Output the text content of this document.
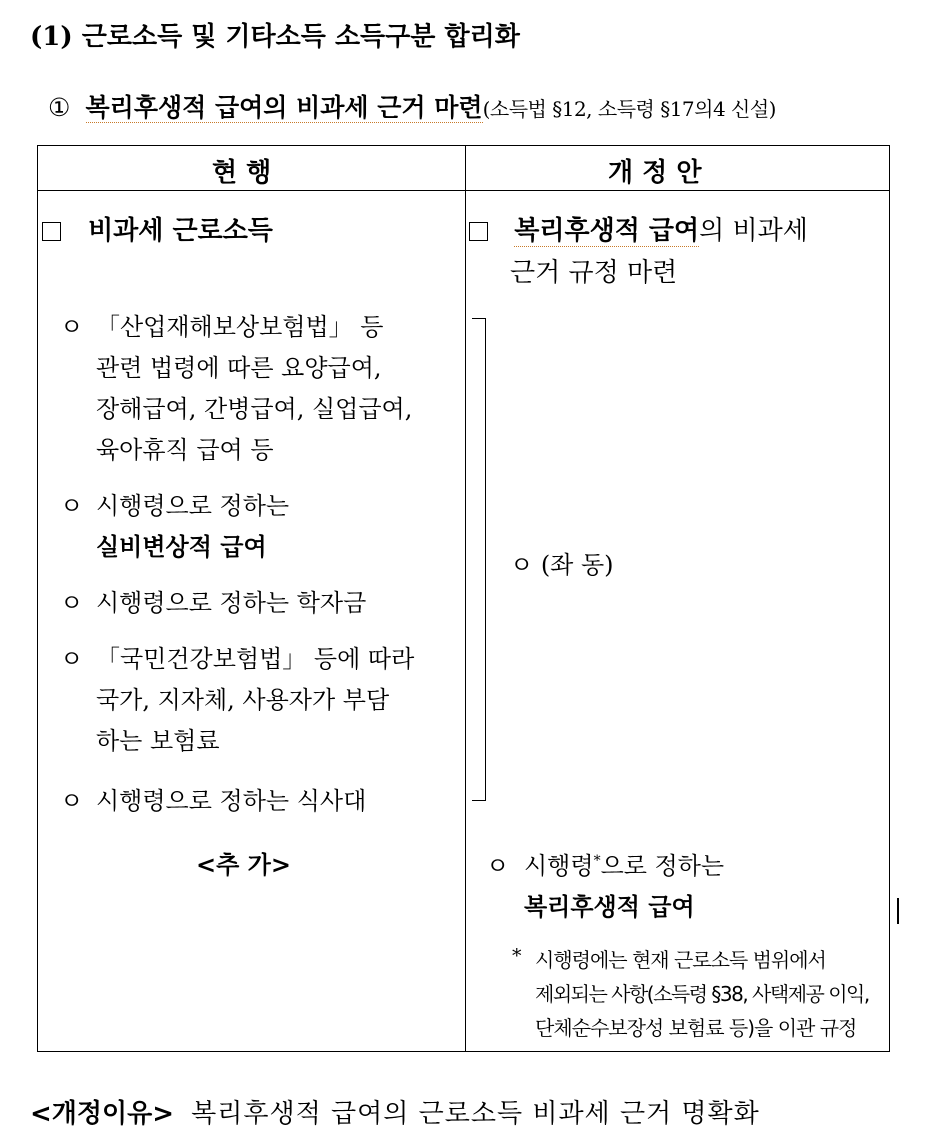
(1) 근로소득 및 기타소득 소득구분 합리화
① 복리후생적 급여의 비과세 근거 마련(소득법 §12, 소득령 §17의4 신설)
현 행	개 정 안
비과세 근로소득
ㅇ 「산업재해보상보험법」 등
관련 법령에 따른 요양급여,
장해급여, 간병급여, 실업급여,
육아휴직 급여 등
ㅇ 시행령으로 정하는
실비변상적 급여
ㅇ 시행령으로 정하는 학자금
ㅇ 「국민건강보험법」 등에 따라
국가, 지자체, 사용자가 부담
하는 보험료
ㅇ 시행령으로 정하는 식사대
<추 가>
복리후생적 급여의 비과세
근거 규정 마련
ㅇ (좌 동)
ㅇ 시행령*으로 정하는
복리후생적 급여
* 시행령에는 현재 근로소득 범위에서
제외되는 사항(소득령 §38, 사택제공 이익,
단체순수보장성 보험료 등)을 이관 규정
<개정이유> 복리후생적 급여의 근로소득 비과세 근거 명확화
